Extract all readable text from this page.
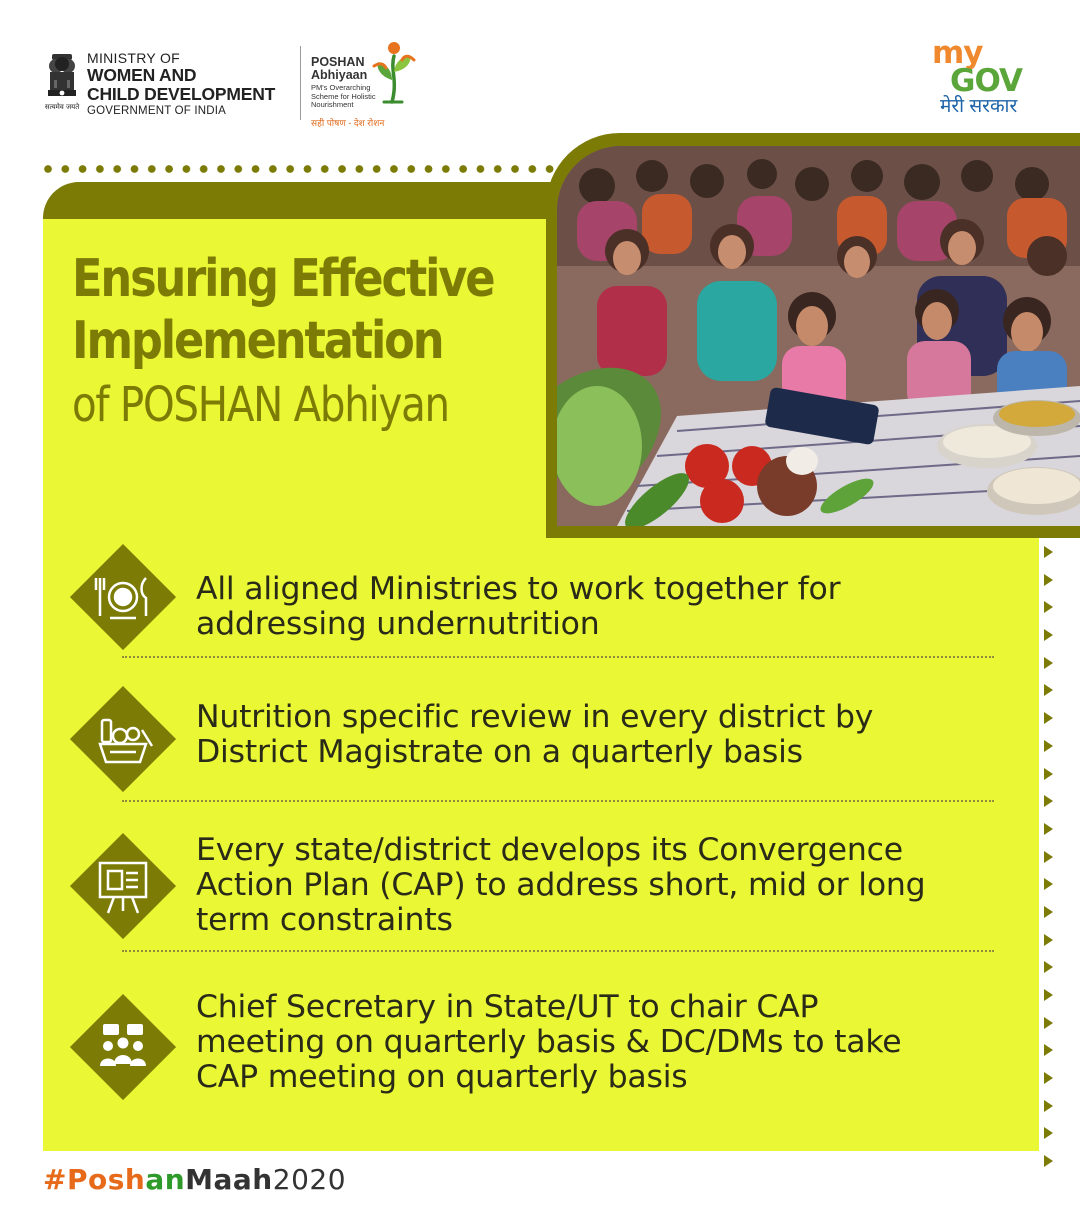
सत्यमेव जयते
MINISTRY OF
WOMEN AND
CHILD DEVELOPMENT
GOVERNMENT OF INDIA
POSHAN
Abhiyaan
PM's Overarching Scheme for Holistic Nourishment
सही पोषण - देश रोशन
my
GOV
मेरी सरकार
Ensuring Effective
Implementation
of POSHAN Abhiyan
All aligned Ministries to work together for
addressing undernutrition
Nutrition specific review in every district by
District Magistrate on a quarterly basis
Every state/district develops its Convergence
Action Plan (CAP) to address short, mid or long
term constraints
Chief Secretary in State/UT to chair CAP
meeting on quarterly basis & DC/DMs to take
CAP meeting on quarterly basis
#PoshanMaah2020
